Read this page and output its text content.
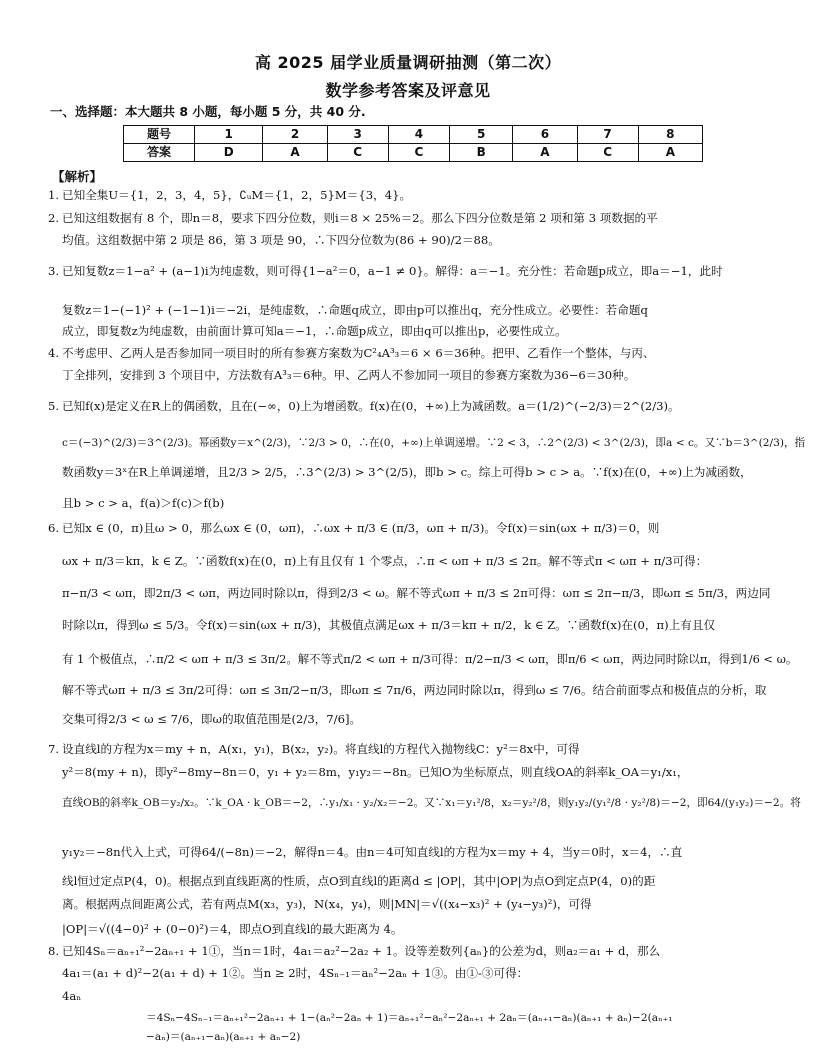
高 2025 届学业质量调研抽测（第二次）
数学参考答案及评意见
一、选择题：本大题共 8 小题，每小题 5 分，共 40 分.
题号	1	2	3	4	5	6	7	8
答案	D	A	C	C	B	A	C	A
【解析】
1. 已知全集U＝{1，2，3，4，5}，∁ᵤM＝{1，2，5}M＝{3，4}。
2. 已知这组数据有 8 个，即n＝8，要求下四分位数，则i＝8 × 25%＝2。那么下四分位数是第 2 项和第 3 项数据的平
均值。这组数据中第 2 项是 86，第 3 项是 90，∴下四分位数为(86 + 90)/2＝88。
3. 已知复数z＝1−a² + (a−1)i为纯虚数，则可得{1−a²＝0，a−1 ≠ 0}。解得：a＝−1。充分性：若命题p成立，即a＝−1，此时
复数z＝1−(−1)² + (−1−1)i＝−2i，是纯虚数，∴命题q成立，即由p可以推出q，充分性成立。必要性：若命题q
成立，即复数z为纯虚数，由前面计算可知a＝−1，∴命题p成立，即由q可以推出p，必要性成立。
4. 不考虑甲、乙两人是否参加同一项目时的所有参赛方案数为C²₄A³₃＝6 × 6＝36种。把甲、乙看作一个整体，与丙、
丁全排列，安排到 3 个项目中，方法数有A³₃＝6种。甲、乙两人不参加同一项目的参赛方案数为36−6＝30种。
5. 已知f(x)是定义在R上的偶函数，且在(−∞，0)上为增函数。f(x)在(0，+∞)上为减函数。a＝(1/2)^(−2/3)＝2^(2/3)。
c＝(−3)^(2/3)＝3^(2/3)。幂函数y＝x^(2/3)，∵2/3 > 0，∴在(0，+∞)上单调递增。∵2 < 3，∴2^(2/3) < 3^(2/3)，即a < c。又∵b＝3^(2/3)，指
数函数y＝3ˣ在R上单调递增，且2/3 > 2/5，∴3^(2/3) > 3^(2/5)，即b > c。综上可得b > c > a。∵f(x)在(0，+∞)上为减函数，
且b > c > a，f(a)＞f(c)＞f(b)
6. 已知x ∈ (0，π)且ω > 0，那么ωx ∈ (0，ωπ)，∴ωx + π/3 ∈ (π/3，ωπ + π/3)。令f(x)＝sin(ωx + π/3)＝0，则
ωx + π/3＝kπ，k ∈ Z。∵函数f(x)在(0，π)上有且仅有 1 个零点，∴π < ωπ + π/3 ≤ 2π。解不等式π < ωπ + π/3可得：
π−π/3 < ωπ，即2π/3 < ωπ，两边同时除以π，得到2/3 < ω。解不等式ωπ + π/3 ≤ 2π可得：ωπ ≤ 2π−π/3，即ωπ ≤ 5π/3，两边同
时除以π，得到ω ≤ 5/3。令f(x)＝sin(ωx + π/3)，其极值点满足ωx + π/3＝kπ + π/2，k ∈ Z。∵函数f(x)在(0，π)上有且仅
有 1 个极值点，∴π/2 < ωπ + π/3 ≤ 3π/2。解不等式π/2 < ωπ + π/3可得：π/2−π/3 < ωπ，即π/6 < ωπ，两边同时除以π，得到1/6 < ω。
解不等式ωπ + π/3 ≤ 3π/2可得：ωπ ≤ 3π/2−π/3，即ωπ ≤ 7π/6，两边同时除以π，得到ω ≤ 7/6。结合前面零点和极值点的分析，取
交集可得2/3 < ω ≤ 7/6，即ω的取值范围是(2/3，7/6]。
7. 设直线l的方程为x＝my + n，A(x₁，y₁)，B(x₂，y₂)。将直线l的方程代入抛物线C：y²＝8x中，可得
y²＝8(my + n)，即y²−8my−8n＝0，y₁ + y₂＝8m，y₁y₂＝−8n。已知O为坐标原点，则直线OA的斜率k_OA＝y₁/x₁，
直线OB的斜率k_OB＝y₂/x₂。∵k_OA · k_OB＝−2，∴y₁/x₁ · y₂/x₂＝−2。又∵x₁＝y₁²/8，x₂＝y₂²/8，则y₁y₂/(y₁²/8 · y₂²/8)＝−2，即64/(y₁y₂)＝−2。将
y₁y₂＝−8n代入上式，可得64/(−8n)＝−2，解得n＝4。由n＝4可知直线l的方程为x＝my + 4，当y＝0时，x＝4，∴直
线l恒过定点P(4，0)。根据点到直线距离的性质，点O到直线l的距离d ≤ |OP|，其中|OP|为点O到定点P(4，0)的距
离。根据两点间距离公式，若有两点M(x₃，y₃)，N(x₄，y₄)，则|MN|＝√((x₄−x₃)² + (y₄−y₃)²)，可得
|OP|＝√((4−0)² + (0−0)²)＝4，即点O到直线l的最大距离为 4。
8. 已知4Sₙ＝aₙ₊₁²−2aₙ₊₁ + 1①，当n＝1时，4a₁＝a₂²−2a₂ + 1。设等差数列{aₙ}的公差为d，则a₂＝a₁ + d，那么
4a₁＝(a₁ + d)²−2(a₁ + d) + 1②。当n ≥ 2时，4Sₙ₋₁＝aₙ²−2aₙ + 1③。由①-③可得：
4aₙ
＝4Sₙ−4Sₙ₋₁＝aₙ₊₁²−2aₙ₊₁ + 1−(aₙ²−2aₙ + 1)＝aₙ₊₁²−aₙ²−2aₙ₊₁ + 2aₙ＝(aₙ₊₁−aₙ)(aₙ₊₁ + aₙ)−2(aₙ₊₁
−aₙ)＝(aₙ₊₁−aₙ)(aₙ₊₁ + aₙ−2)
